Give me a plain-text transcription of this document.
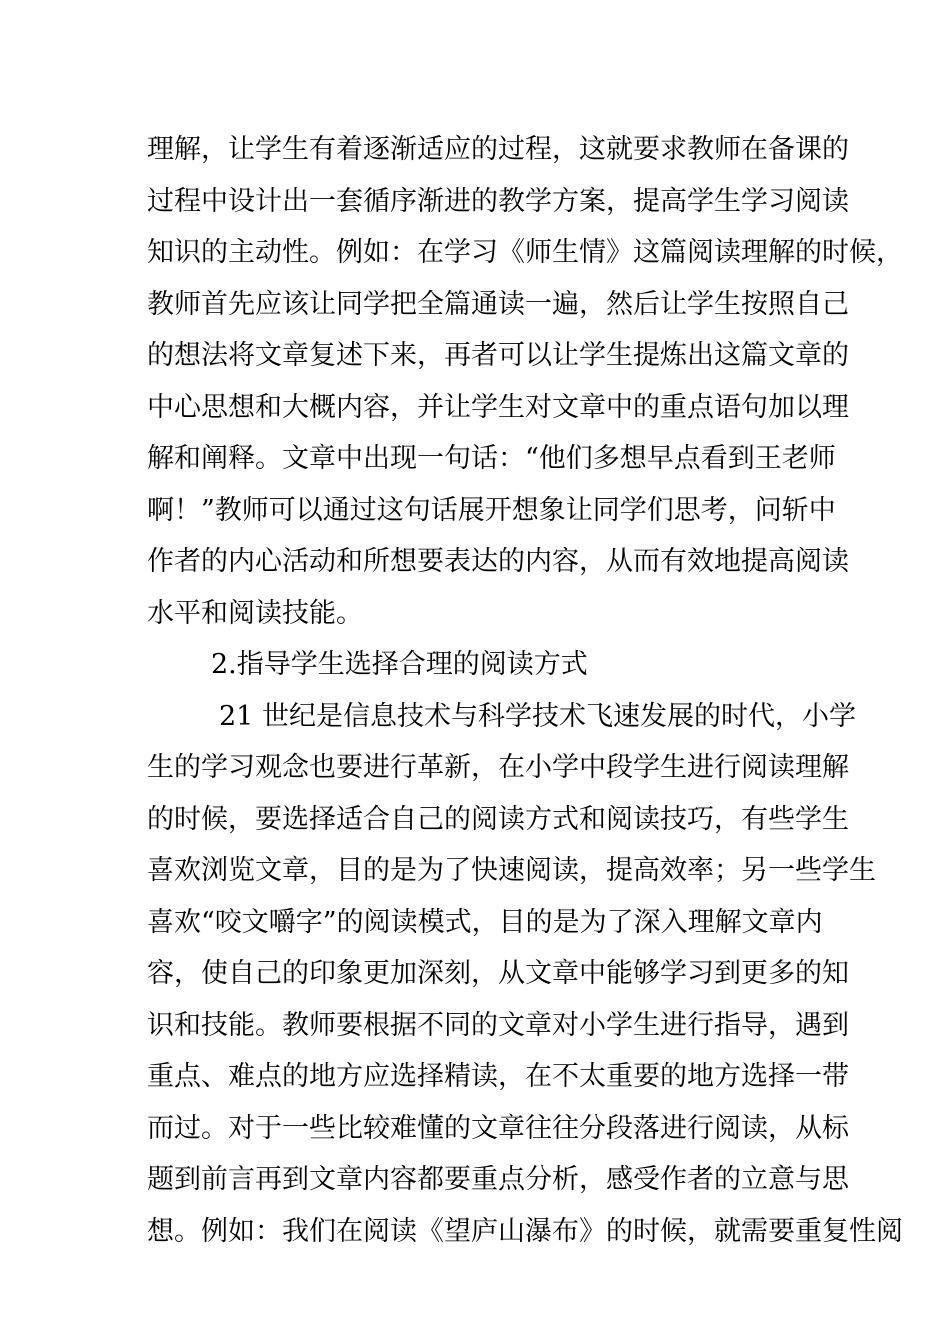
理解，让学生有着逐渐适应的过程，这就要求教师在备课的
过程中设计出一套循序渐进的教学方案，提高学生学习阅读
知识的主动性。例如：在学习《师生情》这篇阅读理解的时候，
教师首先应该让同学把全篇通读一遍，然后让学生按照自己
的想法将文章复述下来，再者可以让学生提炼出这篇文章的
中心思想和大概内容，并让学生对文章中的重点语句加以理
解和阐释。文章中出现一句话：“他们多想早点看到王老师
啊！”教师可以通过这句话展开想象让同学们思考，问斩中
作者的内心活动和所想要表达的内容，从而有效地提高阅读
水平和阅读技能。
2.指导学生选择合理的阅读方式
21 世纪是信息技术与科学技术飞速发展的时代，小学
生的学习观念也要进行革新，在小学中段学生进行阅读理解
的时候，要选择适合自己的阅读方式和阅读技巧，有些学生
喜欢浏览文章，目的是为了快速阅读，提高效率；另一些学生
喜欢“咬文嚼字”的阅读模式，目的是为了深入理解文章内
容，使自己的印象更加深刻，从文章中能够学习到更多的知
识和技能。教师要根据不同的文章对小学生进行指导，遇到
重点、难点的地方应选择精读，在不太重要的地方选择一带
而过。对于一些比较难懂的文章往往分段落进行阅读，从标
题到前言再到文章内容都要重点分析，感受作者的立意与思
想。例如：我们在阅读《望庐山瀑布》的时候，就需要重复性阅
